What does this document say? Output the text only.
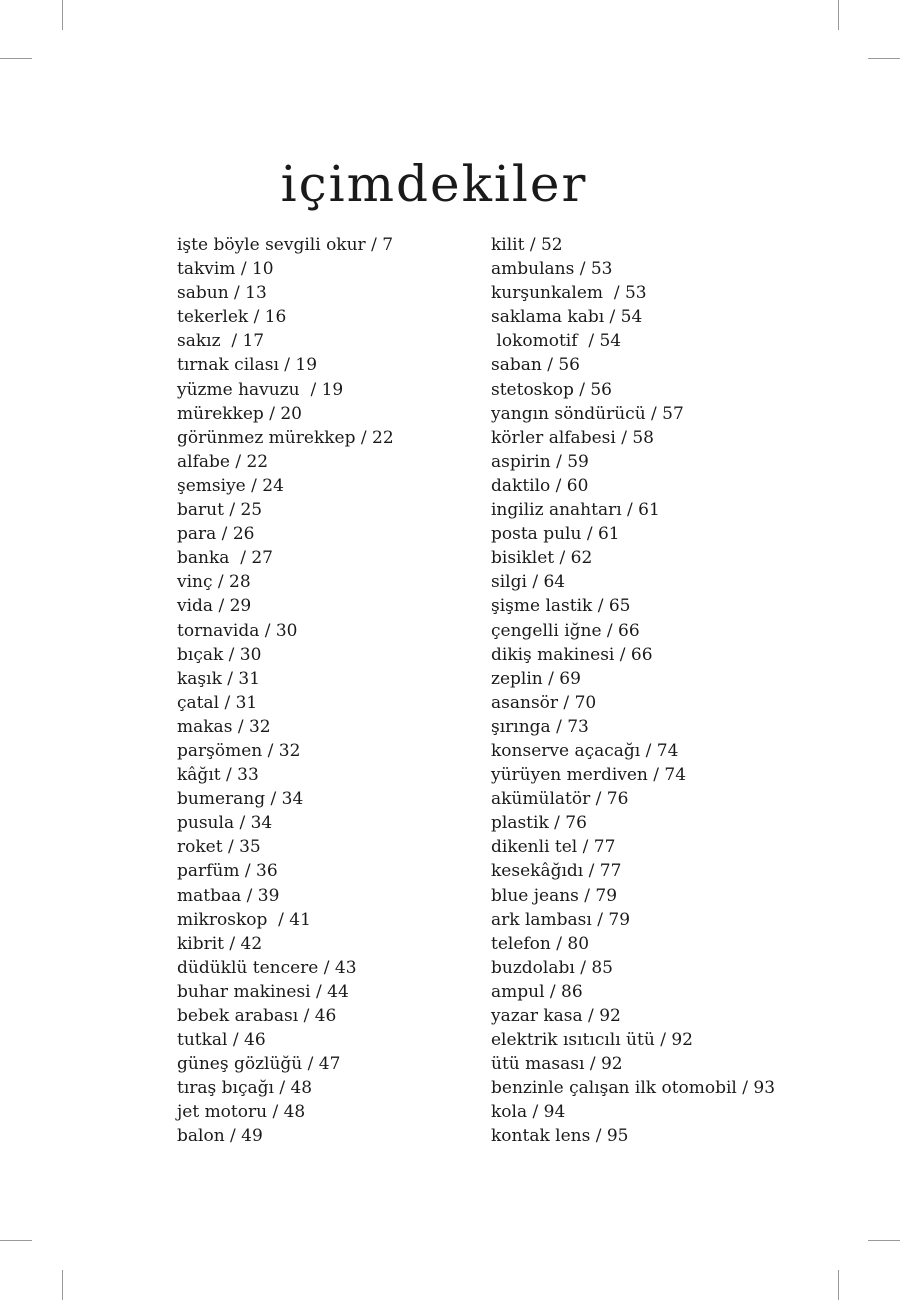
içimdekiler
işte böyle sevgili okur / 7
takvim / 10
sabun / 13
tekerlek / 16
sakız  / 17
tırnak cilası / 19
yüzme havuzu  / 19
mürekkep / 20
görünmez mürekkep / 22
alfabe / 22
şemsiye / 24
barut / 25
para / 26
banka  / 27
vinç / 28
vida / 29
tornavida / 30
bıçak / 30
kaşık / 31
çatal / 31
makas / 32
parşömen / 32
kâğıt / 33
bumerang / 34
pusula / 34
roket / 35
parfüm / 36
matbaa / 39
mikroskop  / 41
kibrit / 42
düdüklü tencere / 43
buhar makinesi / 44
bebek arabası / 46
tutkal / 46
güneş gözlüğü / 47
tıraş bıçağı / 48
jet motoru / 48
balon / 49
kilit / 52
ambulans / 53
kurşunkalem  / 53
saklama kabı / 54
lokomotif  / 54
saban / 56
stetoskop / 56
yangın söndürücü / 57
körler alfabesi / 58
aspirin / 59
daktilo / 60
ingiliz anahtarı / 61
posta pulu / 61
bisiklet / 62
silgi / 64
şişme lastik / 65
çengelli iğne / 66
dikiş makinesi / 66
zeplin / 69
asansör / 70
şırınga / 73
konserve açacağı / 74
yürüyen merdiven / 74
akümülatör / 76
plastik / 76
dikenli tel / 77
kesekâğıdı / 77
blue jeans / 79
ark lambası / 79
telefon / 80
buzdolabı / 85
ampul / 86
yazar kasa / 92
elektrik ısıtıcılı ütü / 92
ütü masası / 92
benzinle çalışan ilk otomobil / 93
kola / 94
kontak lens / 95
